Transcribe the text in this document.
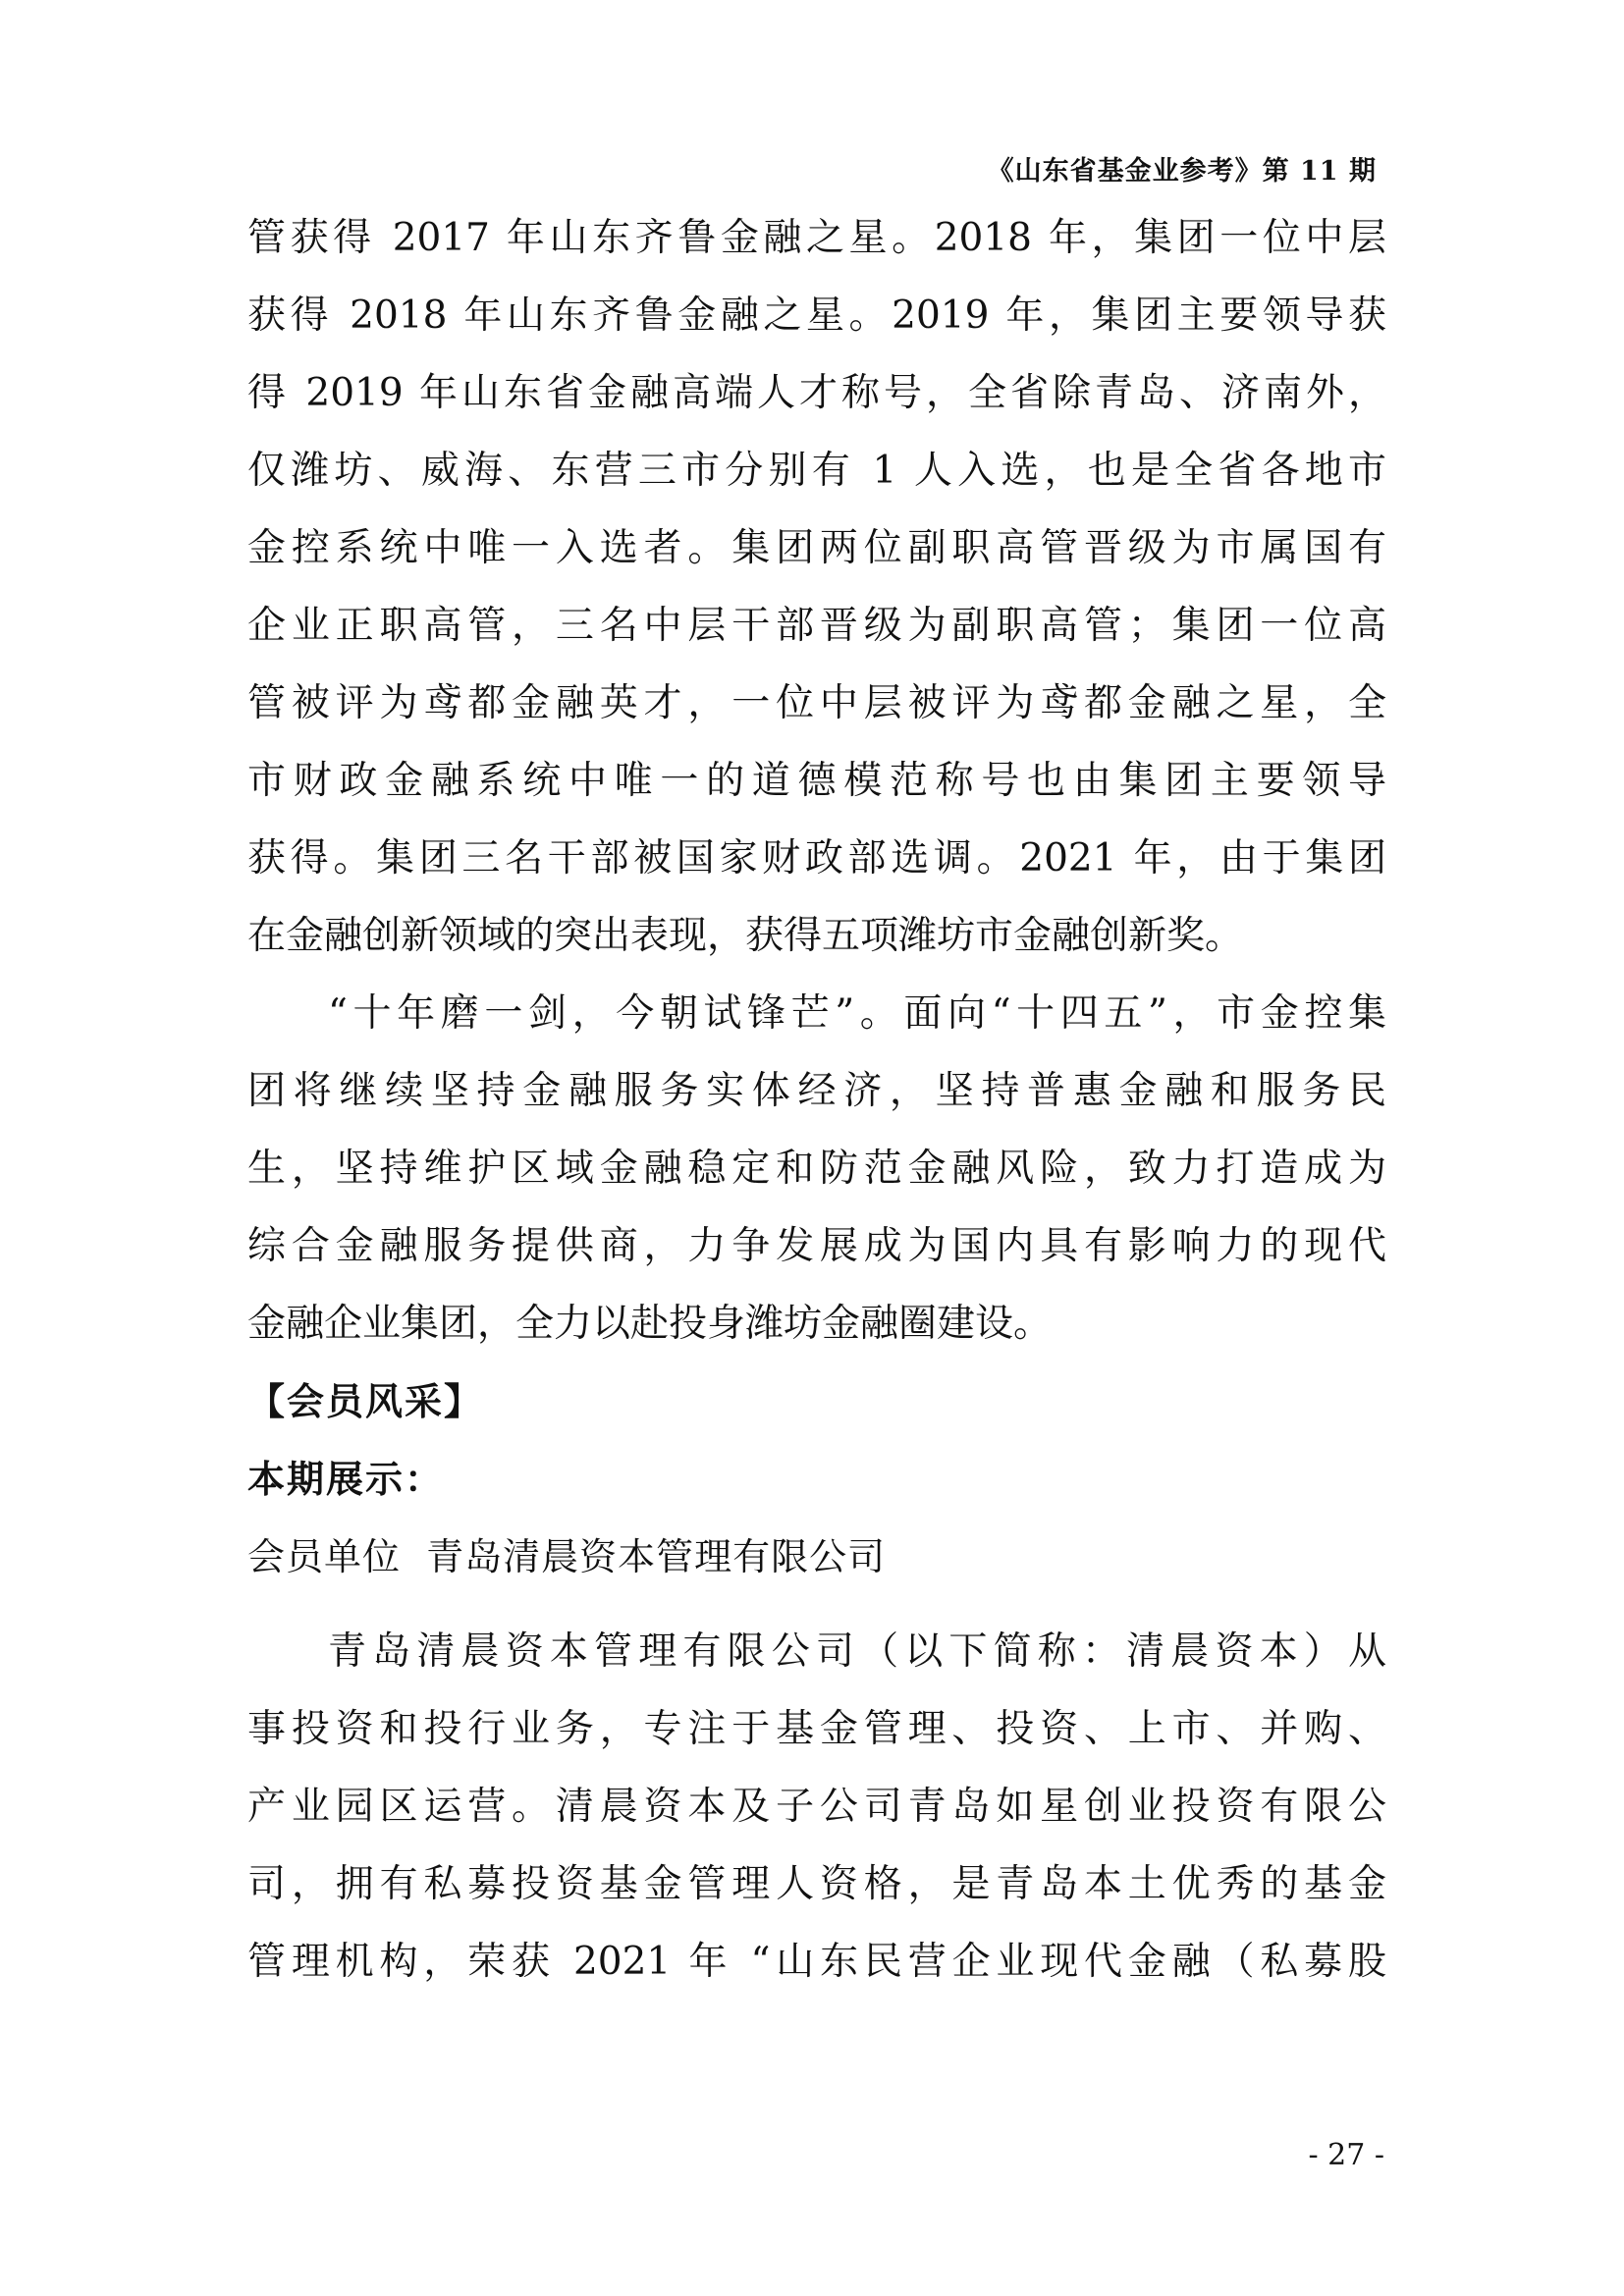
《山东省基金业参考》第 11 期
管获得 2017 年山东齐鲁金融之星。2018 年，集团一位中层
获得 2018 年山东齐鲁金融之星。2019 年，集团主要领导获
得 2019 年山东省金融高端人才称号，全省除青岛、济南外，
仅潍坊、威海、东营三市分别有 1 人入选，也是全省各地市
金控系统中唯一入选者。集团两位副职高管晋级为市属国有
企业正职高管，三名中层干部晋级为副职高管；集团一位高
管被评为鸢都金融英才，一位中层被评为鸢都金融之星，全
市财政金融系统中唯一的道德模范称号也由集团主要领导
获得。集团三名干部被国家财政部选调。2021 年，由于集团
在金融创新领域的突出表现，获得五项潍坊市金融创新奖。
“十年磨一剑，今朝试锋芒”。面向“十四五”，市金控集
团将继续坚持金融服务实体经济，坚持普惠金融和服务民
生，坚持维护区域金融稳定和防范金融风险，致力打造成为
综合金融服务提供商，力争发展成为国内具有影响力的现代
金融企业集团，全力以赴投身潍坊金融圈建设。
【会员风采】
本期展示：
会员单位  青岛清晨资本管理有限公司
青岛清晨资本管理有限公司（以下简称：清晨资本）从
事投资和投行业务，专注于基金管理、投资、上市、并购、
产业园区运营。清晨资本及子公司青岛如星创业投资有限公
司，拥有私募投资基金管理人资格，是青岛本土优秀的基金
管理机构，荣获 2021 年 “山东民营企业现代金融（私募股
- 27 -
